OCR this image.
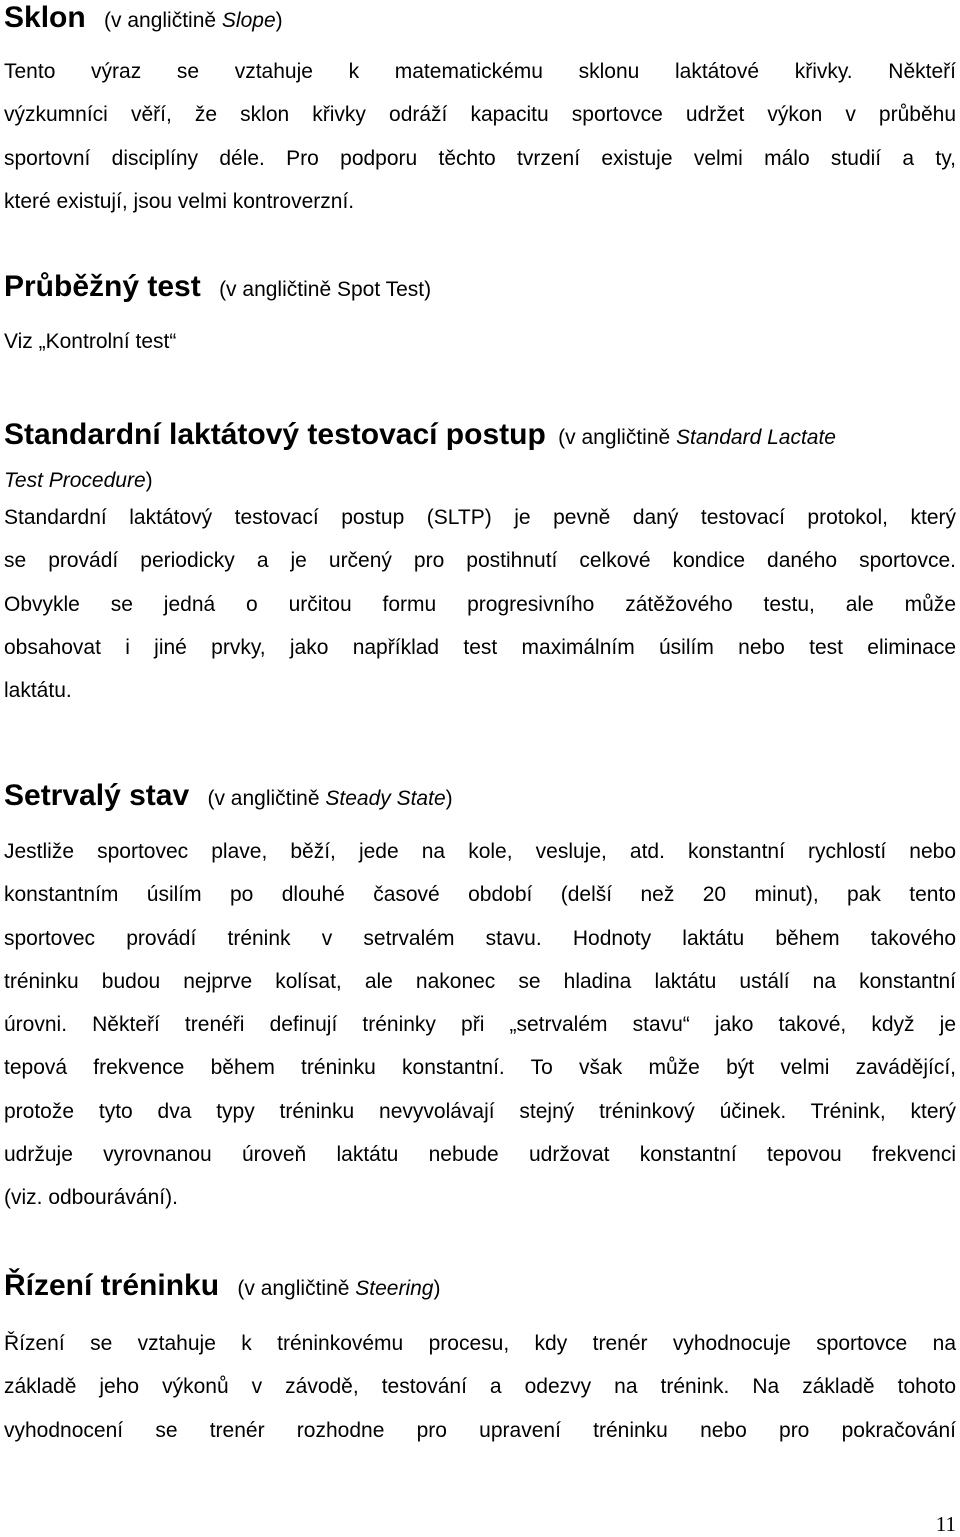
Sklon (v angličtině Slope)

Tento výraz se vztahuje k matematickému sklonu laktátové křivky. Někteří
výzkumníci věří, že sklon křivky odráží kapacitu sportovce udržet výkon v průběhu
sportovní disciplíny déle. Pro podporu těchto tvrzení existuje velmi málo studií a ty,
které existují, jsou velmi kontroverzní.

Průběžný test (v angličtině Spot Test)

Viz „Kontrolní test“

Standardní laktátový testovací postup (v angličtině Standard Lactate
Test Procedure)

Standardní laktátový testovací postup (SLTP) je pevně daný testovací protokol, který
se provádí periodicky a je určený pro postihnutí celkové kondice daného sportovce.
Obvykle se jedná o určitou formu progresivního zátěžového testu, ale může
obsahovat i jiné prvky, jako například test maximálním úsilím nebo test eliminace
laktátu.

Setrvalý stav (v angličtině Steady State)

Jestliže sportovec plave, běží, jede na kole, vesluje, atd. konstantní rychlostí nebo
konstantním úsilím po dlouhé časové období (delší než 20 minut), pak tento
sportovec provádí trénink v setrvalém stavu. Hodnoty laktátu během takového
tréninku budou nejprve kolísat, ale nakonec se hladina laktátu ustálí na konstantní
úrovni. Někteří trenéři definují tréninky při „setrvalém stavu“ jako takové, když je
tepová frekvence během tréninku konstantní. To však může být velmi zavádějící,
protože tyto dva typy tréninku nevyvolávají stejný tréninkový účinek. Trénink, který
udržuje vyrovnanou úroveň laktátu nebude udržovat konstantní tepovou frekvenci
(viz. odbourávání).

Řízení tréninku (v angličtině Steering)

Řízení se vztahuje k tréninkovému procesu, kdy trenér vyhodnocuje sportovce na
základě jeho výkonů v závodě, testování a odezvy na trénink. Na základě tohoto
vyhodnocení se trenér rozhodne pro upravení tréninku nebo pro pokračování

11
